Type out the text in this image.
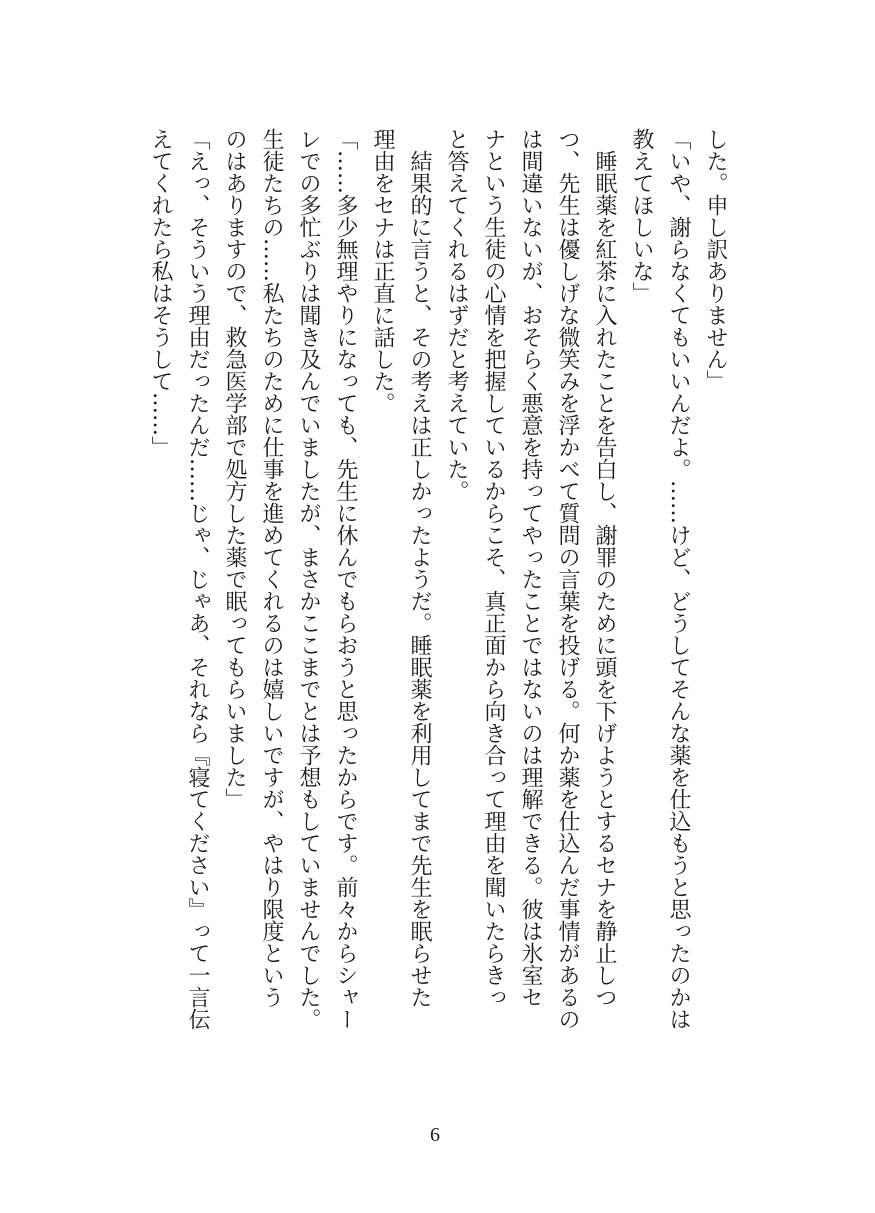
した。申し訳ありません」
「いや、謝らなくてもいいんだよ。……けど、どうしてそんな薬を仕込もうと思ったのかは
教えてほしいな」
　睡眠薬を紅茶に入れたことを告白し、謝罪のために頭を下げようとするセナを静止しつ
つ、先生は優しげな微笑みを浮かべて質問の言葉を投げる。何か薬を仕込んだ事情があるの
は間違いないが、おそらく悪意を持ってやったことではないのは理解できる。彼は氷室セ
ナという生徒の心情を把握しているからこそ、真正面から向き合って理由を聞いたらきっ
と答えてくれるはずだと考えていた。
　結果的に言うと、その考えは正しかったようだ。睡眠薬を利用してまで先生を眠らせた
理由をセナは正直に話した。
「……多少無理やりになっても、先生に休んでもらおうと思ったからです。前々からシャー
レでの多忙ぶりは聞き及んでいましたが、まさかここまでとは予想もしていませんでした。
生徒たちの……私たちのために仕事を進めてくれるのは嬉しいですが、やはり限度という
のはありますので、救急医学部で処方した薬で眠ってもらいました」
「えっ、そういう理由だったんだ……じゃ、じゃあ、それなら『寝てください』って一言伝
えてくれたら私はそうして……」
6
